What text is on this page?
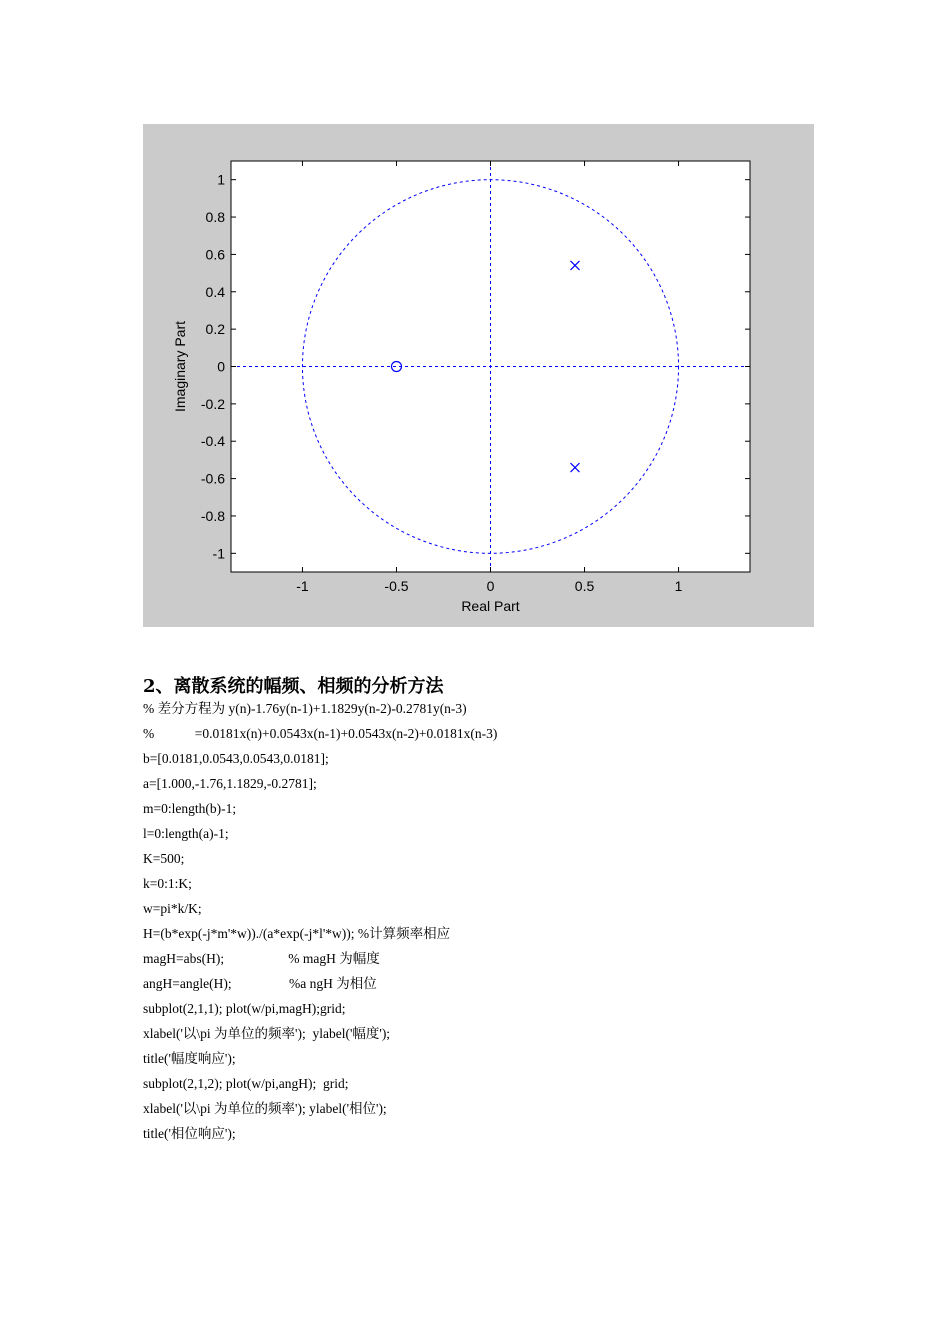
-1	-0.5	0	0.5	1
1
0.8
0.6
0.4
0.2
0
-0.2
-0.4
-0.6
-0.8
-1
Real Part
Imaginary Part
2、离散系统的幅频、相频的分析方法
% 差分方程为 y(n)-1.76y(n-1)+1.1829y(n-2)-0.2781y(n-3)
%            =0.0181x(n)+0.0543x(n-1)+0.0543x(n-2)+0.0181x(n-3)
b=[0.0181,0.0543,0.0543,0.0181];
a=[1.000,-1.76,1.1829,-0.2781];
m=0:length(b)-1;
l=0:length(a)-1;
K=500;
k=0:1:K;
w=pi*k/K;
H=(b*exp(-j*m'*w))./(a*exp(-j*l'*w)); %计算频率相应
magH=abs(H);                   % magH 为幅度
angH=angle(H);                 %a ngH 为相位
subplot(2,1,1); plot(w/pi,magH);grid;
xlabel('以\pi 为单位的频率');  ylabel('幅度');
title('幅度响应');
subplot(2,1,2); plot(w/pi,angH);  grid;
xlabel('以\pi 为单位的频率'); ylabel('相位');
title('相位响应');
